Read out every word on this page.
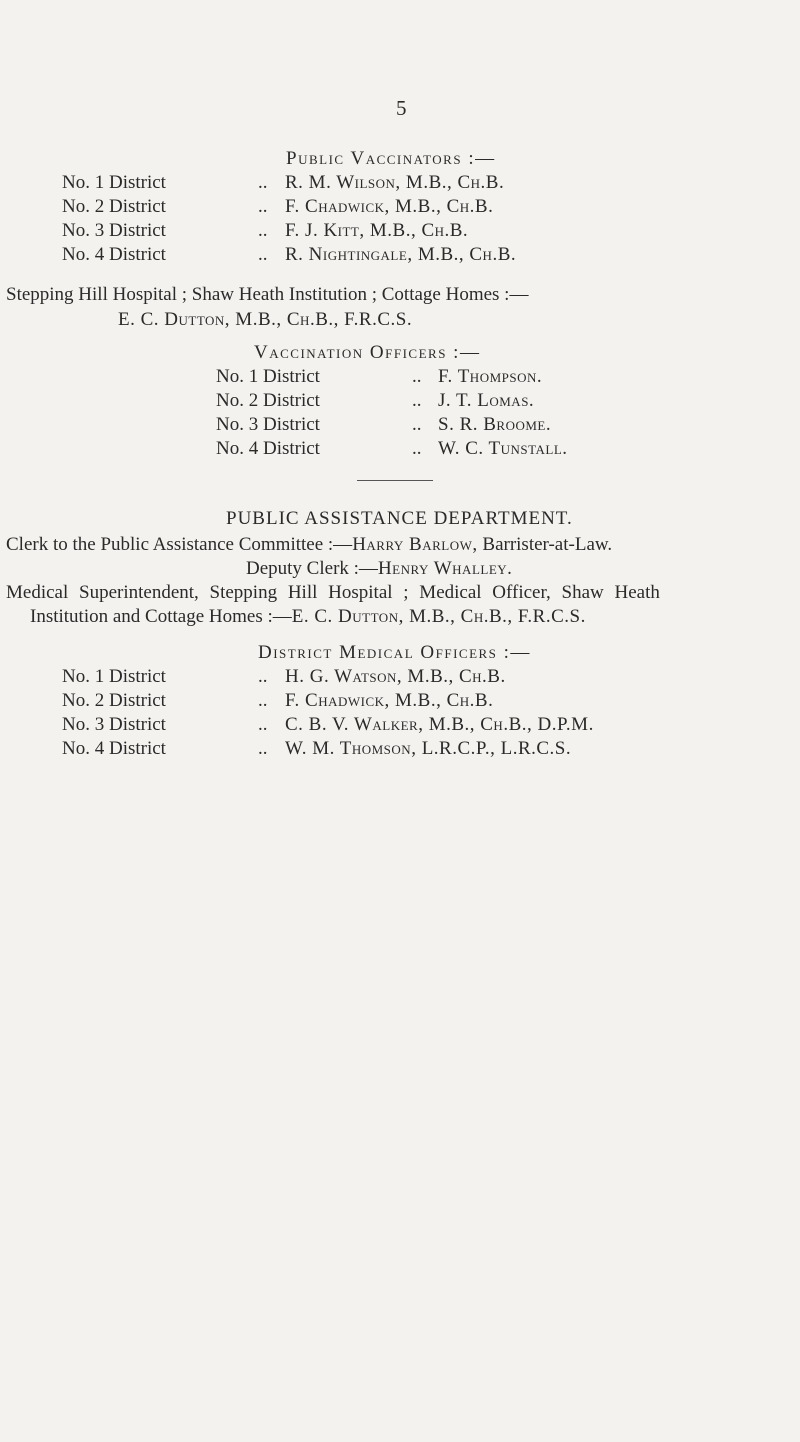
5
Public Vaccinators :—
No. 1 District	.. R. M. Wilson, M.B., Ch.B.
No. 2 District	.. F. Chadwick, M.B., Ch.B.
No. 3 District	.. F. J. Kitt, M.B., Ch.B.
No. 4 District	.. R. Nightingale, M.B., Ch.B.
Stepping Hill Hospital ; Shaw Heath Institution ; Cottage Homes :—
E. C. Dutton, M.B., Ch.B., F.R.C.S.
Vaccination Officers :—
No. 1 District	.. F. Thompson.
No. 2 District	.. J. T. Lomas.
No. 3 District	.. S. R. Broome.
No. 4 District	.. W. C. Tunstall.
PUBLIC ASSISTANCE DEPARTMENT.
Clerk to the Public Assistance Committee :—Harry Barlow, Barrister-at-Law.
Deputy Clerk :—Henry Whalley.
Medical Superintendent, Stepping Hill Hospital ; Medical Officer, Shaw Heath
Institution and Cottage Homes :—E. C. Dutton, M.B., Ch.B., F.R.C.S.
District Medical Officers :—
No. 1 District	.. H. G. Watson, M.B., Ch.B.
No. 2 District	.. F. Chadwick, M.B., Ch.B.
No. 3 District	.. C. B. V. Walker, M.B., Ch.B., D.P.M.
No. 4 District	.. W. M. Thomson, L.R.C.P., L.R.C.S.
